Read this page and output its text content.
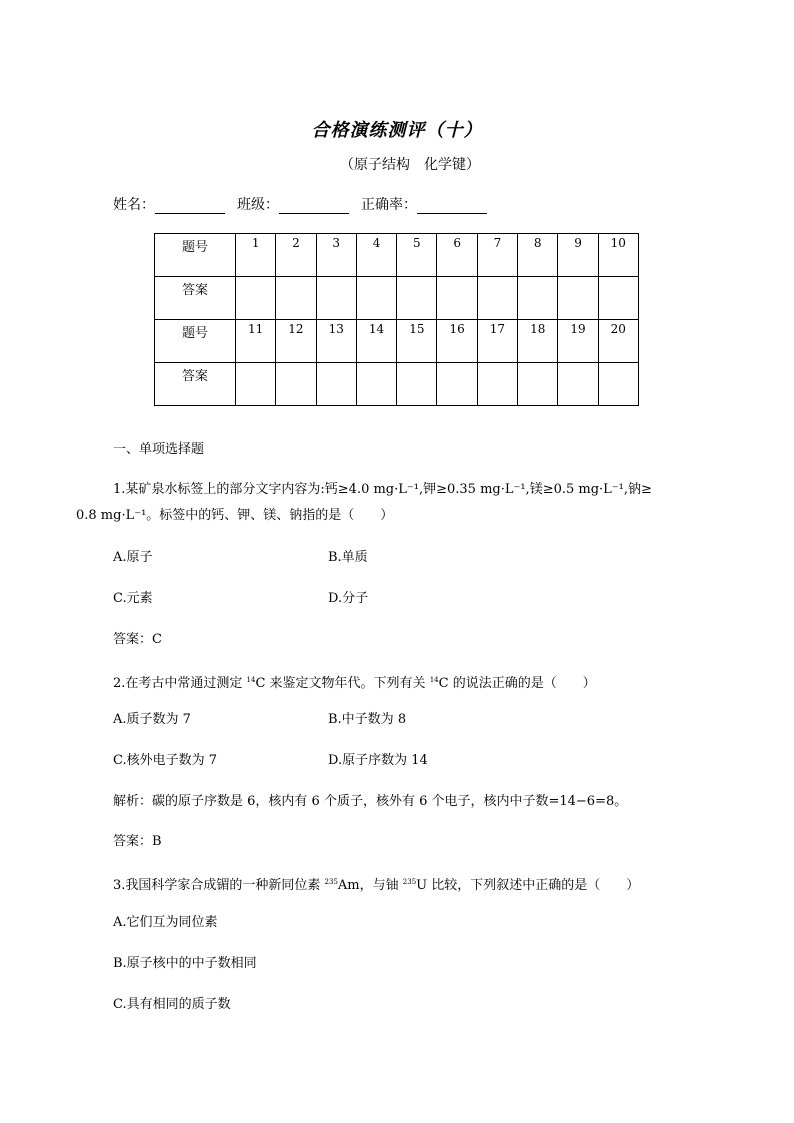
合格演练测评（十）
（原子结构　化学键）
姓名：	班级：	正确率：
题号	1	2	3	4	5	6	7	8	9	10
答案										
题号	11	12	13	14	15	16	17	18	19	20
答案										
一、单项选择题
1.某矿泉水标签上的部分文字内容为:钙≥4.0 mg·L⁻¹,钾≥0.35 mg·L⁻¹,镁≥0.5 mg·L⁻¹,钠≥
0.8 mg·L⁻¹。标签中的钙、钾、镁、钠指的是（　　）
A.原子	B.单质
C.元素	D.分子
答案：C
2.在考古中常通过测定 $^{14}$C 来鉴定文物年代。下列有关 $^{14}$C 的说法正确的是（　　）
A.质子数为 7	B.中子数为 8
C.核外电子数为 7	D.原子序数为 14
解析：碳的原子序数是 6，核内有 6 个质子，核外有 6 个电子，核内中子数=14−6=8。
答案：B
3.我国科学家合成镅的一种新同位素 $^{235}$Am，与铀 $^{235}$U 比较，下列叙述中正确的是（　　）
A.它们互为同位素
B.原子核中的中子数相同
C.具有相同的质子数
